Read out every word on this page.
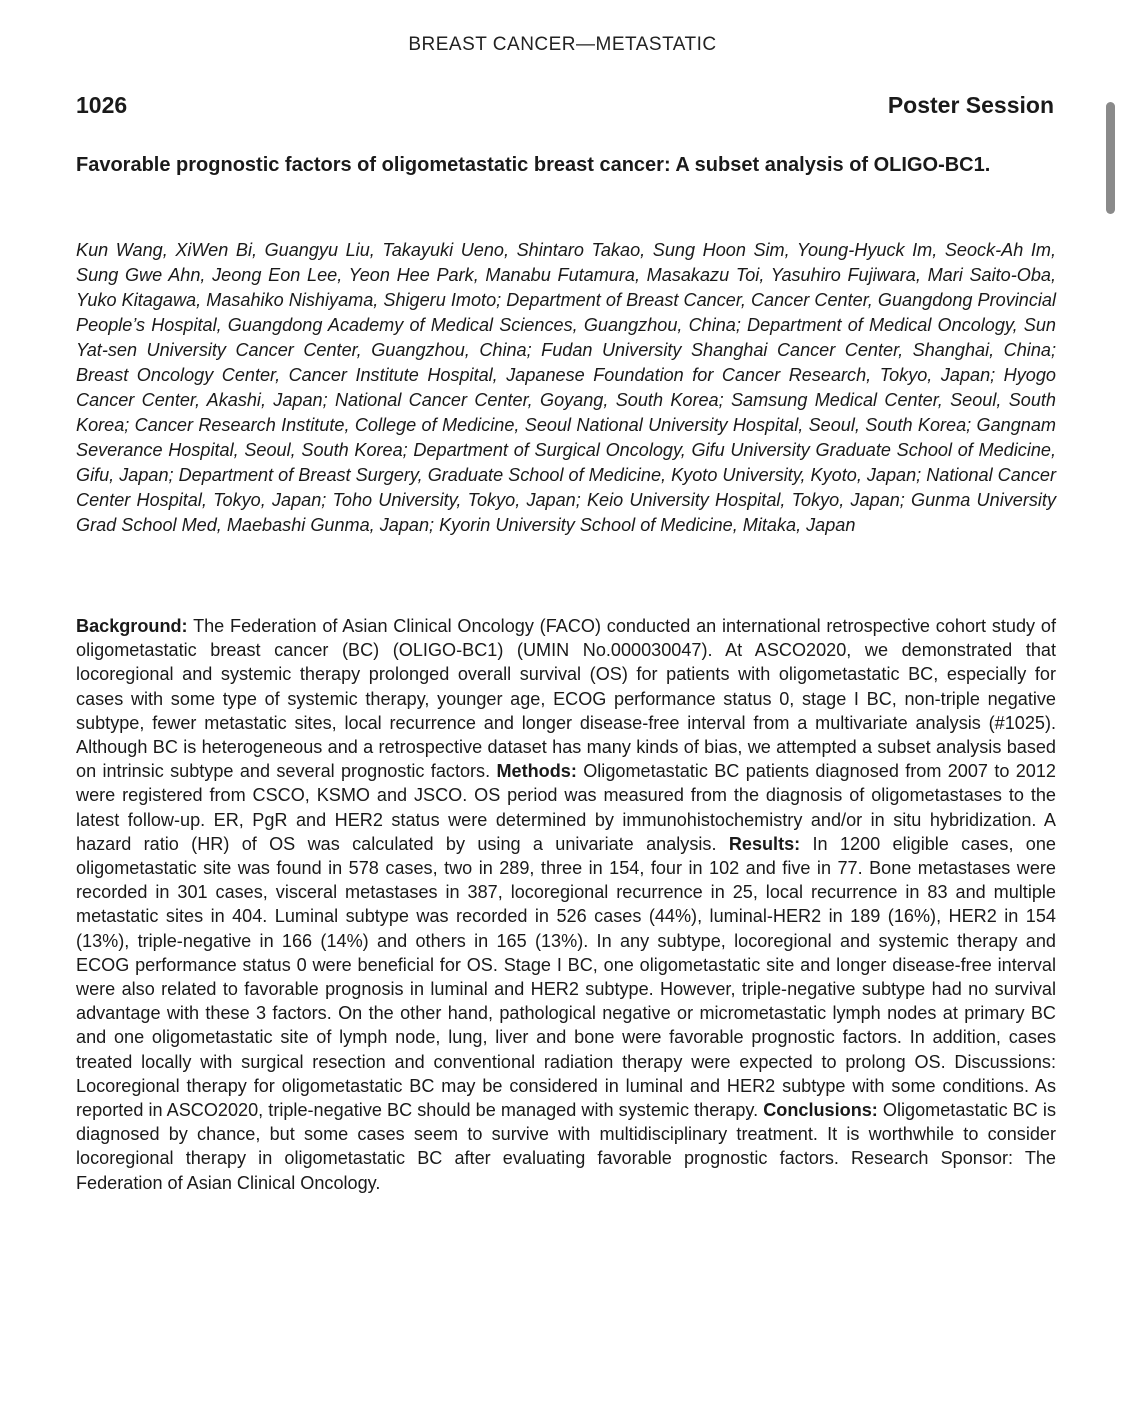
BREAST CANCER—METASTATIC
1026	Poster Session
Favorable prognostic factors of oligometastatic breast cancer: A subset analysis of OLIGO-BC1.

Kun Wang, XiWen Bi, Guangyu Liu, Takayuki Ueno, Shintaro Takao, Sung Hoon Sim, Young-Hyuck Im, Seock-Ah Im, Sung Gwe Ahn, Jeong Eon Lee, Yeon Hee Park, Manabu Futamura, Masakazu Toi, Yasuhiro Fujiwara, Mari Saito-Oba, Yuko Kitagawa, Masahiko Nishiyama, Shigeru Imoto; Department of Breast Cancer, Cancer Center, Guangdong Provincial People’s Hospital, Guangdong Academy of Medical Sciences, Guangzhou, China; Department of Medical Oncology, Sun Yat-sen University Cancer Center, Guangzhou, China; Fudan University Shanghai Cancer Center, Shanghai, China; Breast Oncology Center, Cancer Institute Hospital, Japanese Foundation for Cancer Research, Tokyo, Japan; Hyogo Cancer Center, Akashi, Japan; National Cancer Center, Goyang, South Korea; Samsung Medical Center, Seoul, South Korea; Cancer Research Institute, College of Medicine, Seoul National University Hospital, Seoul, South Korea; Gangnam Severance Hospital, Seoul, South Korea; Department of Surgical Oncology, Gifu University Graduate School of Medicine, Gifu, Japan; Department of Breast Surgery, Graduate School of Medicine, Kyoto University, Kyoto, Japan; National Cancer Center Hospital, Tokyo, Japan; Toho University, Tokyo, Japan; Keio University Hospital, Tokyo, Japan; Gunma University Grad School Med, Maebashi Gunma, Japan; Kyorin University School of Medicine, Mitaka, Japan

Background: The Federation of Asian Clinical Oncology (FACO) conducted an international retrospective cohort study of oligometastatic breast cancer (BC) (OLIGO-BC1) (UMIN No.000030047). At ASCO2020, we demonstrated that locoregional and systemic therapy prolonged overall survival (OS) for patients with oligometastatic BC, especially for cases with some type of systemic therapy, younger age, ECOG performance status 0, stage I BC, non-triple negative subtype, fewer metastatic sites, local recurrence and longer disease-free interval from a multivariate analysis (#1025). Although BC is heterogeneous and a retrospective dataset has many kinds of bias, we attempted a subset analysis based on intrinsic subtype and several prognostic factors. Methods: Oligometastatic BC patients diagnosed from 2007 to 2012 were registered from CSCO, KSMO and JSCO. OS period was measured from the diagnosis of oligometastases to the latest follow-up. ER, PgR and HER2 status were determined by immunohistochemistry and/or in situ hybridization. A hazard ratio (HR) of OS was calculated by using a univariate analysis. Results: In 1200 eligible cases, one oligometastatic site was found in 578 cases, two in 289, three in 154, four in 102 and five in 77. Bone metastases were recorded in 301 cases, visceral metastases in 387, locoregional recurrence in 25, local recurrence in 83 and multiple metastatic sites in 404. Luminal subtype was recorded in 526 cases (44%), luminal-HER2 in 189 (16%), HER2 in 154 (13%), triple-negative in 166 (14%) and others in 165 (13%). In any subtype, locoregional and systemic therapy and ECOG performance status 0 were beneficial for OS. Stage I BC, one oligometastatic site and longer disease-free interval were also related to favorable prognosis in luminal and HER2 subtype. However, triple-negative subtype had no survival advantage with these 3 factors. On the other hand, pathological negative or micrometastatic lymph nodes at primary BC and one oligometastatic site of lymph node, lung, liver and bone were favorable prognostic factors. In addition, cases treated locally with surgical resection and conventional radiation therapy were expected to prolong OS. Discussions: Locoregional therapy for oligometastatic BC may be considered in luminal and HER2 subtype with some conditions. As reported in ASCO2020, triple-negative BC should be managed with systemic therapy. Conclusions: Oligometastatic BC is diagnosed by chance, but some cases seem to survive with multidisciplinary treatment. It is worthwhile to consider locoregional therapy in oligometastatic BC after evaluating favorable prognostic factors. Research Sponsor: The Federation of Asian Clinical Oncology.
